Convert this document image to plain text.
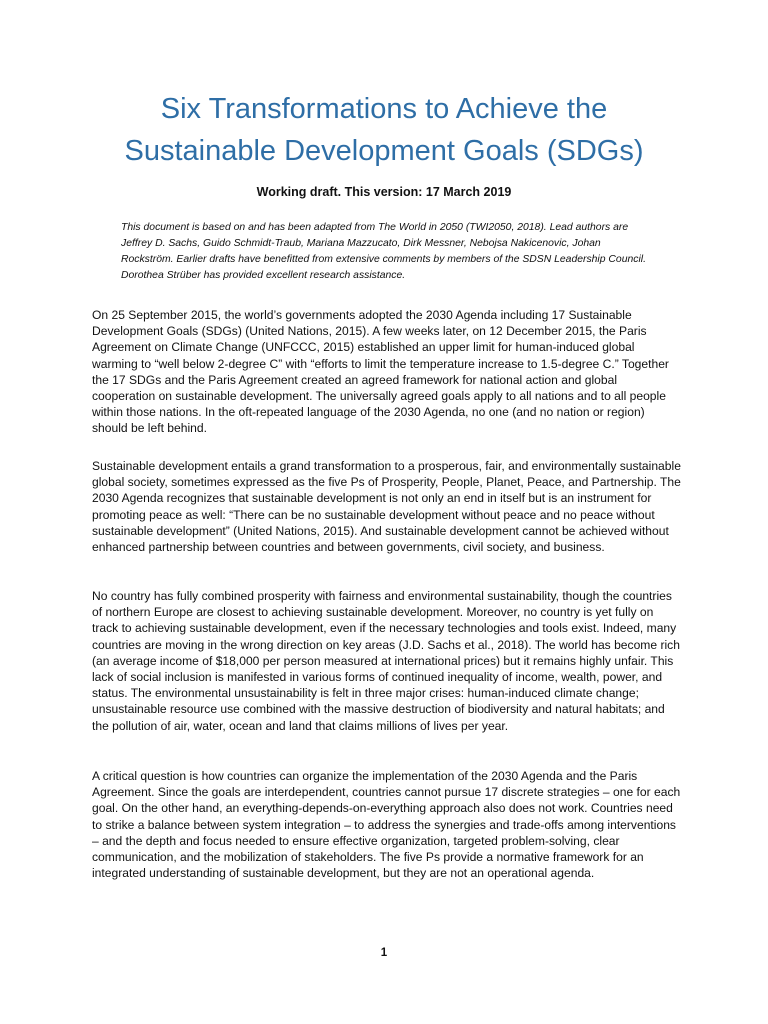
Six Transformations to Achieve the
Sustainable Development Goals (SDGs)

Working draft. This version: 17 March 2019

This document is based on and has been adapted from The World in 2050 (TWI2050, 2018). Lead authors are Jeffrey D. Sachs, Guido Schmidt-Traub, Mariana Mazzucato, Dirk Messner, Nebojsa Nakicenovic, Johan Rockström. Earlier drafts have benefitted from extensive comments by members of the SDSN Leadership Council. Dorothea Strüber has provided excellent research assistance.

On 25 September 2015, the world’s governments adopted the 2030 Agenda including 17 Sustainable Development Goals (SDGs) (United Nations, 2015). A few weeks later, on 12 December 2015, the Paris Agreement on Climate Change (UNFCCC, 2015) established an upper limit for human-induced global warming to “well below 2-degree C” with “efforts to limit the temperature increase to 1.5-degree C.” Together the 17 SDGs and the Paris Agreement created an agreed framework for national action and global cooperation on sustainable development. The universally agreed goals apply to all nations and to all people within those nations. In the oft-repeated language of the 2030 Agenda, no one (and no nation or region) should be left behind.

Sustainable development entails a grand transformation to a prosperous, fair, and environmentally sustainable global society, sometimes expressed as the five Ps of Prosperity, People, Planet, Peace, and Partnership. The 2030 Agenda recognizes that sustainable development is not only an end in itself but is an instrument for promoting peace as well: “There can be no sustainable development without peace and no peace without sustainable development” (United Nations, 2015). And sustainable development cannot be achieved without enhanced partnership between countries and between governments, civil society, and business.

No country has fully combined prosperity with fairness and environmental sustainability, though the countries of northern Europe are closest to achieving sustainable development. Moreover, no country is yet fully on track to achieving sustainable development, even if the necessary technologies and tools exist. Indeed, many countries are moving in the wrong direction on key areas (J.D. Sachs et al., 2018). The world has become rich (an average income of $18,000 per person measured at international prices) but it remains highly unfair. This lack of social inclusion is manifested in various forms of continued inequality of income, wealth, power, and status. The environmental unsustainability is felt in three major crises: human-induced climate change; unsustainable resource use combined with the massive destruction of biodiversity and natural habitats; and the pollution of air, water, ocean and land that claims millions of lives per year.

A critical question is how countries can organize the implementation of the 2030 Agenda and the Paris Agreement. Since the goals are interdependent, countries cannot pursue 17 discrete strategies – one for each goal. On the other hand, an everything-depends-on-everything approach also does not work. Countries need to strike a balance between system integration – to address the synergies and trade-offs among interventions – and the depth and focus needed to ensure effective organization, targeted problem-solving, clear communication, and the mobilization of stakeholders. The five Ps provide a normative framework for an integrated understanding of sustainable development, but they are not an operational agenda.

1
